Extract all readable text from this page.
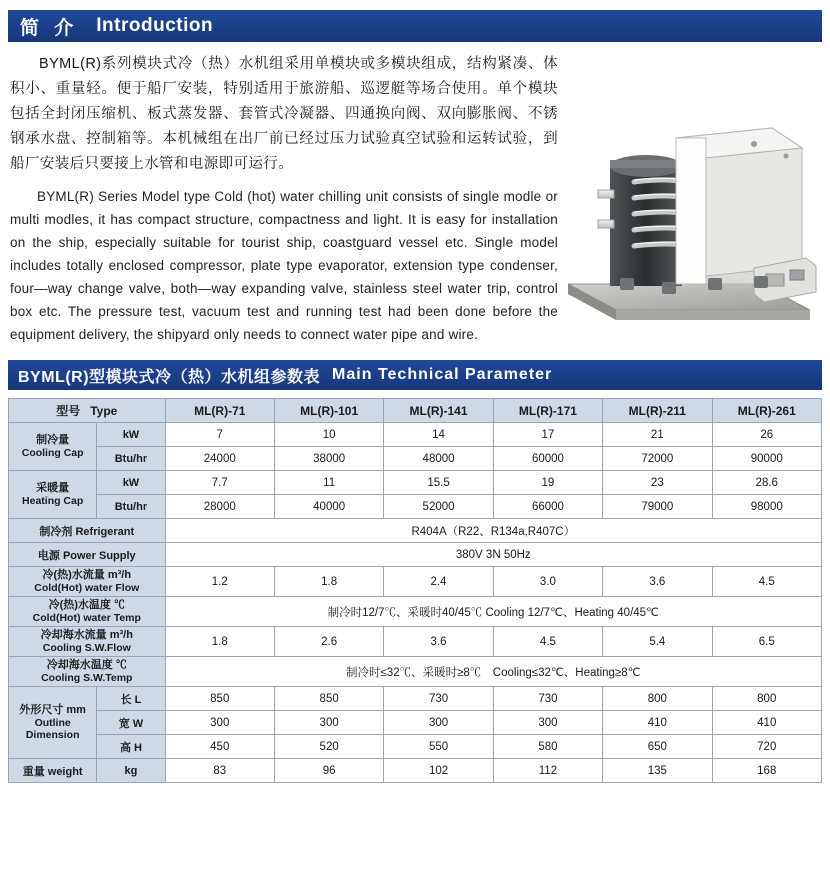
简 介 Introduction

BYML(R)系列模块式冷（热）水机组采用单模块或多模块组成，结构紧凑、体积小、重量轻。便于船厂安装，特别适用于旅游船、巡逻艇等场合使用。单个模块包括全封闭压缩机、板式蒸发器、套管式冷凝器、四通换向阀、双向膨胀阀、不锈钢承水盘、控制箱等。本机械组在出厂前已经过压力试验真空试验和运转试验，到船厂安装后只要接上水管和电源即可运行。

BYML(R) Series Model type Cold (hot) water chilling unit consists of single modle or multi modles, it has compact structure, compactness and light. It is easy for installation on the ship, especially suitable for tourist ship, coastguard vessel etc. Single model includes totally enclosed compressor, plate type evaporator, extension type condenser, four—way change valve, both—way expanding valve, stainless steel water trip, control box etc. The pressure test, vacuum test and running test had been done before the equipment delivery, the shipyard only needs to connect water pipe and wire.

BYML(R)型模块式冷（热）水机组参数表 Main Technical Parameter
型号 Type		ML(R)-71	ML(R)-101	ML(R)-141	ML(R)-171	ML(R)-211	ML(R)-261

制冷量
Cooling Cap	kW	7	10	14	17	21	26
	Btu/hr	24000	38000	48000	60000	72000	90000

采暖量
Heating Cap	kW	7.7	11	15.5	19	23	28.6
	Btu/hr	28000	40000	52000	66000	79000	98000
制冷剂 Refrigerant		R404A（R22、R134a,R407C）					
电源 Power Supply		380V 3N 50Hz					

冷(热)水流量 m³/h
Cold(Hot) water Flow		1.2	1.8	2.4	3.0	3.6	4.5

冷(热)水温度 ℃
Cold(Hot) water Temp		制冷时12/7℃、采暖时40/45℃ Cooling 12/7℃、Heating 40/45℃					

冷却海水流量 m³/h
Cooling S.W.Flow		1.8	2.6	3.6	4.5	5.4	6.5

冷却海水温度 ℃
Cooling S.W.Temp		制冷时≤32℃、采暖时≥8℃　Cooling≤32℃、Heating≥8℃					

外形尺寸 mm
Outline Dimension	长 L	850	850	730	730	800	800
	宽 W	300	300	300	300	410	410
	高 H	450	520	550	580	650	720
重量 weight	kg	83	96	102	112	135	168
